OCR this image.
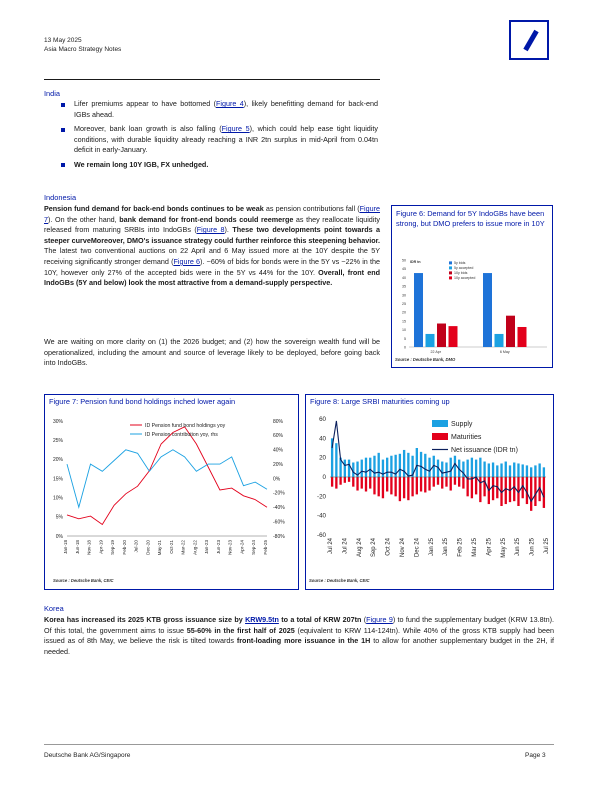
13 May 2025
Asia Macro Strategy Notes
India
Lifer premiums appear to have bottomed (Figure 4), likely benefitting demand for back-end IGBs ahead.
Moreover, bank loan growth is also falling (Figure 5), which could help ease tight liquidity conditions, with durable liquidity already reaching a INR 2tn surplus in mid-April from 0.04tn deficit in early-January.
We remain long 10Y IGB, FX unhedged.
Indonesia
Pension fund demand for back-end bonds continues to be weak as pension contributions fall (Figure 7). On the other hand, bank demand for front-end bonds could reemerge as they reallocate liquidity released from maturing SRBIs into IndoGBs (Figure 8). These two developments point towards a steeper curveMoreover, DMO's issuance strategy could further reinforce this steepening behavior. The latest two conventional auctions on 22 April and 6 May issued more at the 10Y despite the 5Y receiving significantly stronger demand (Figure 6). ~60% of bids for bonds were in the 5Y vs ~22% in the 10Y, however only 27% of the accepted bids were in the 5Y vs 44% for the 10Y. Overall, front end IndoGBs (5Y and below) look the most attractive from a demand-supply perspective.
We are waiting on more clarity on (1) the 2026 budget; and (2) how the sovereign wealth fund will be operationalized, including the amount and source of leverage likely to be deployed, before going back into IndoGBs.
Figure 6: Demand for 5Y IndoGBs have been strong, but DMO prefers to issue more in 10Y
0
5
10
15
20
25
30
35
40
45
50 IDR tn
22 Apr	6 May
5y bids
5y accepted
10y bids
10y accepted
Source : Deutsche Bank, DMO
Figure 7: Pension fund bond holdings inched lower again
0%
5%
10%
15%
20%
25%
30%
-80%
-60%
-40%
-20%
0%
20%
40%
60%
80%
Jan-18 Jun-18 Nov-18 Apr-19 Sep-19 Feb-20 Jul-20 Dec-20 May-21 Oct-21 Mar-22 Aug-22 Jan-23 Jun-23 Nov-23 Apr-24 Sep-24 Feb-25
ID Pension fund bond holdings yoy
ID Pension contribution yoy, rhs
Source : Deutsche Bank, CEIC
Figure 8: Large SRBI maturities coming up
-60
-40
-20
0
20
40
60
Jul 24 Jul 24 Aug 24 Sep 24 Oct 24 Nov 24 Dec 24 Jan 25 Jan 25 Feb 25 Mar 25 Apr 25 May 25 Jun 25 Jun 25 Jul 25
Supply
Maturities
Net issuance (IDR tn)
Source : Deutsche Bank, CEIC
Korea
Korea has increased its 2025 KTB gross issuance size by KRW9.5tn to a total of KRW 207tn (Figure 9) to fund the supplementary budget (KRW 13.8tn). Of this total, the government aims to issue 55-60% in the first half of 2025 (equivalent to KRW 114-124tn). While 40% of the gross KTB supply had been issued as of 8th May, we believe the risk is tilted towards front-loading more issuance in the 1H to allow for another supplementary budget in the 2H, if needed.
Deutsche Bank AG/Singapore	Page 3
